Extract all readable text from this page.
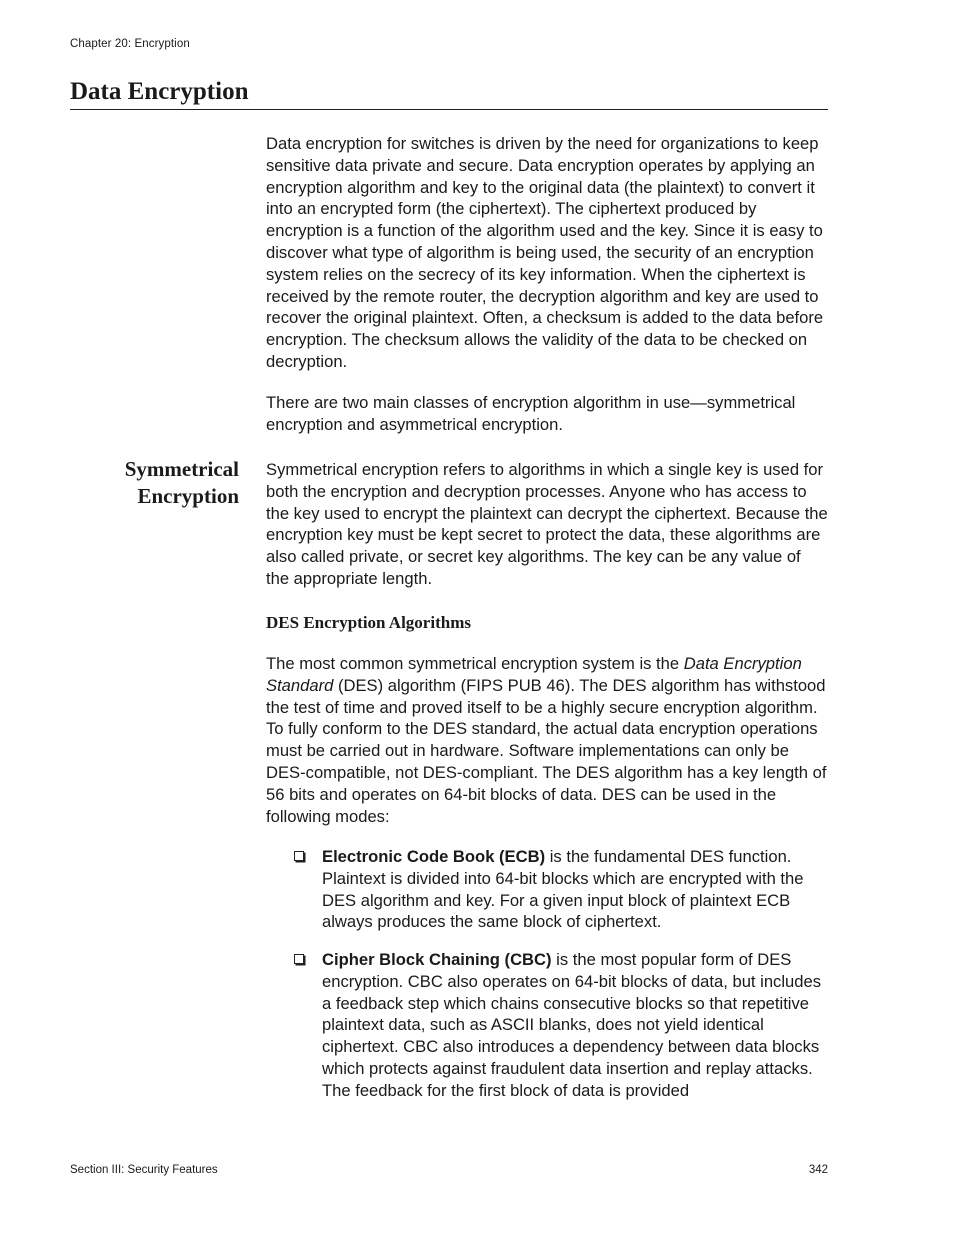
Chapter 20: Encryption
Data Encryption

Data encryption for switches is driven by the need for organizations to keep sensitive data private and secure. Data encryption operates by applying an encryption algorithm and key to the original data (the plaintext) to convert it into an encrypted form (the ciphertext). The ciphertext produced by encryption is a function of the algorithm used and the key. Since it is easy to discover what type of algorithm is being used, the security of an encryption system relies on the secrecy of its key information. When the ciphertext is received by the remote router, the decryption algorithm and key are used to recover the original plaintext. Often, a checksum is added to the data before encryption. The checksum allows the validity of the data to be checked on decryption.

There are two main classes of encryption algorithm in use—symmetrical encryption and asymmetrical encryption.

Symmetrical
Encryption

Symmetrical encryption refers to algorithms in which a single key is used for both the encryption and decryption processes. Anyone who has access to the key used to encrypt the plaintext can decrypt the ciphertext. Because the encryption key must be kept secret to protect the data, these algorithms are also called private, or secret key algorithms. The key can be any value of the appropriate length.

DES Encryption Algorithms

The most common symmetrical encryption system is the Data Encryption Standard (DES) algorithm (FIPS PUB 46). The DES algorithm has withstood the test of time and proved itself to be a highly secure encryption algorithm. To fully conform to the DES standard, the actual data encryption operations must be carried out in hardware. Software implementations can only be DES-compatible, not DES-compliant. The DES algorithm has a key length of 56 bits and operates on 64-bit blocks of data. DES can be used in the following modes:

Electronic Code Book (ECB) is the fundamental DES function. Plaintext is divided into 64-bit blocks which are encrypted with the DES algorithm and key. For a given input block of plaintext ECB always produces the same block of ciphertext.
Cipher Block Chaining (CBC) is the most popular form of DES encryption. CBC also operates on 64-bit blocks of data, but includes a feedback step which chains consecutive blocks so that repetitive plaintext data, such as ASCII blanks, does not yield identical ciphertext. CBC also introduces a dependency between data blocks which protects against fraudulent data insertion and replay attacks. The feedback for the first block of data is provided
Section III: Security Features	342
